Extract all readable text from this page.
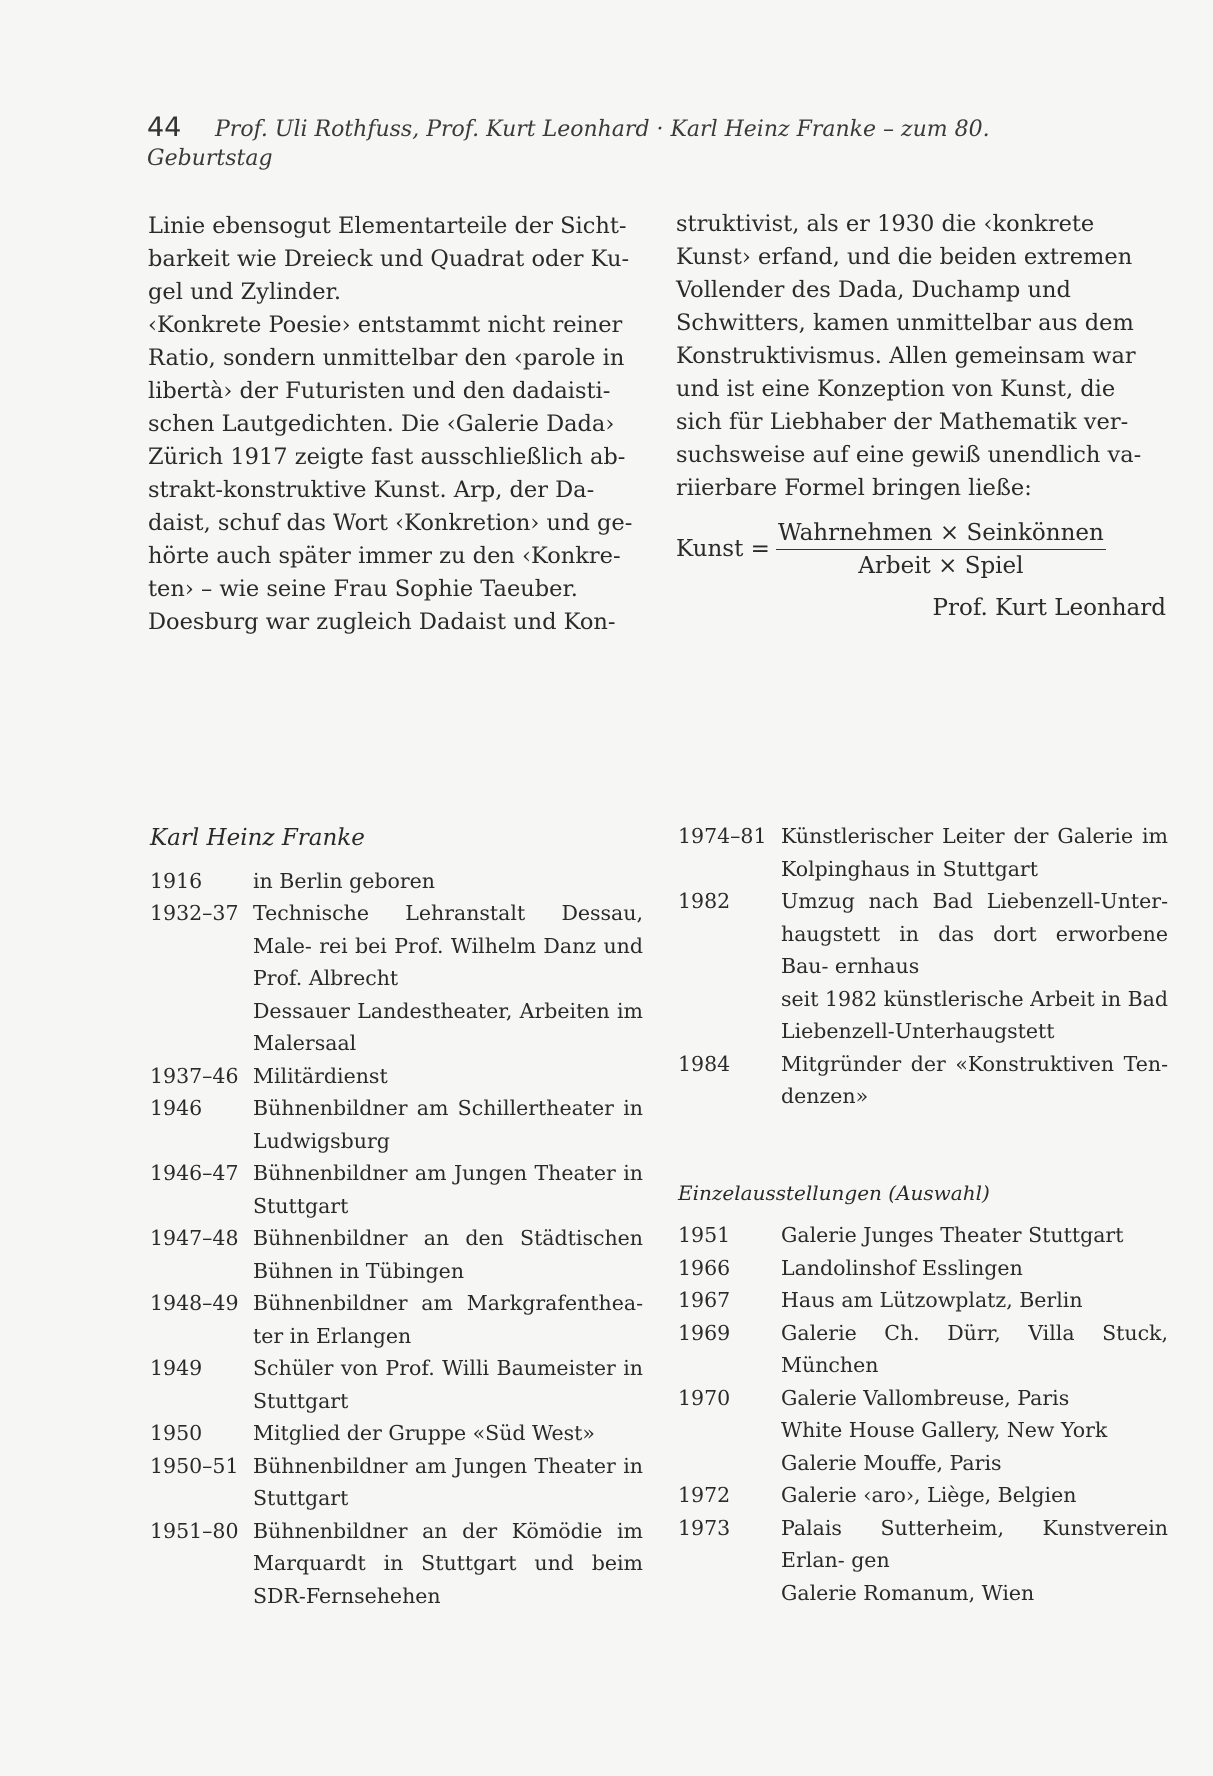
44 Prof. Uli Rothfuss, Prof. Kurt Leonhard · Karl Heinz Franke – zum 80. Geburtstag
Linie ebensogut Elementarteile der Sicht-
barkeit wie Dreieck und Quadrat oder Ku-
gel und Zylinder.
‹Konkrete Poesie› entstammt nicht reiner
Ratio, sondern unmittelbar den ‹parole in
libertà› der Futuristen und den dadaisti-
schen Lautgedichten. Die ‹Galerie Dada›
Zürich 1917 zeigte fast ausschließlich ab-
strakt-konstruktive Kunst. Arp, der Da-
daist, schuf das Wort ‹Konkretion› und ge-
hörte auch später immer zu den ‹Konkre-
ten› – wie seine Frau Sophie Taeuber.
Doesburg war zugleich Dadaist und Kon-
struktivist, als er 1930 die ‹konkrete
Kunst› erfand, und die beiden extremen
Vollender des Dada, Duchamp und
Schwitters, kamen unmittelbar aus dem
Konstruktivismus. Allen gemeinsam war
und ist eine Konzeption von Kunst, die
sich für Liebhaber der Mathematik ver-
suchsweise auf eine gewiß unendlich va-
riierbare Formel bringen ließe:
Kunst = $\frac{\text{Wahrnehmen × Seinkönnen}}{\text{Arbeit × Spiel}}$
Prof. Kurt Leonhard
Karl Heinz Franke
1916	in Berlin geboren
1932–37 Technische Lehranstalt Dessau, Male- rei bei Prof. Wilhelm Danz und Prof. Albrecht
Dessauer Landestheater, Arbeiten im Malersaal
1937–46 Militärdienst
1946	Bühnenbildner am Schillertheater in Ludwigsburg
1946–47 Bühnenbildner am Jungen Theater in Stuttgart
1947–48 Bühnenbildner an den Städtischen Bühnen in Tübingen
1948–49 Bühnenbildner am Markgrafenthea- ter in Erlangen
1949	Schüler von Prof. Willi Baumeister in Stuttgart
1950	Mitglied der Gruppe «Süd West»
1950–51 Bühnenbildner am Jungen Theater in Stuttgart
1951–80 Bühnenbildner an der Kömödie im Marquardt in Stuttgart und beim SDR-Fernsehehen
1974–81 Künstlerischer Leiter der Galerie im Kolpinghaus in Stuttgart
1982	Umzug nach Bad Liebenzell-Unter- haugstett in das dort erworbene Bau- ernhaus
seit 1982 künstlerische Arbeit in Bad Liebenzell-Unterhaugstett
1984	Mitgründer der «Konstruktiven Ten- denzen»
Einzelausstellungen (Auswahl)
1951	Galerie Junges Theater Stuttgart
1966	Landolinshof Esslingen
1967	Haus am Lützowplatz, Berlin
1969	Galerie Ch. Dürr, Villa Stuck, München
1970	Galerie Vallombreuse, Paris
White House Gallery, New York
Galerie Mouffe, Paris
1972	Galerie ‹aro›, Liège, Belgien
1973	Palais Sutterheim, Kunstverein Erlan- gen
Galerie Romanum, Wien
